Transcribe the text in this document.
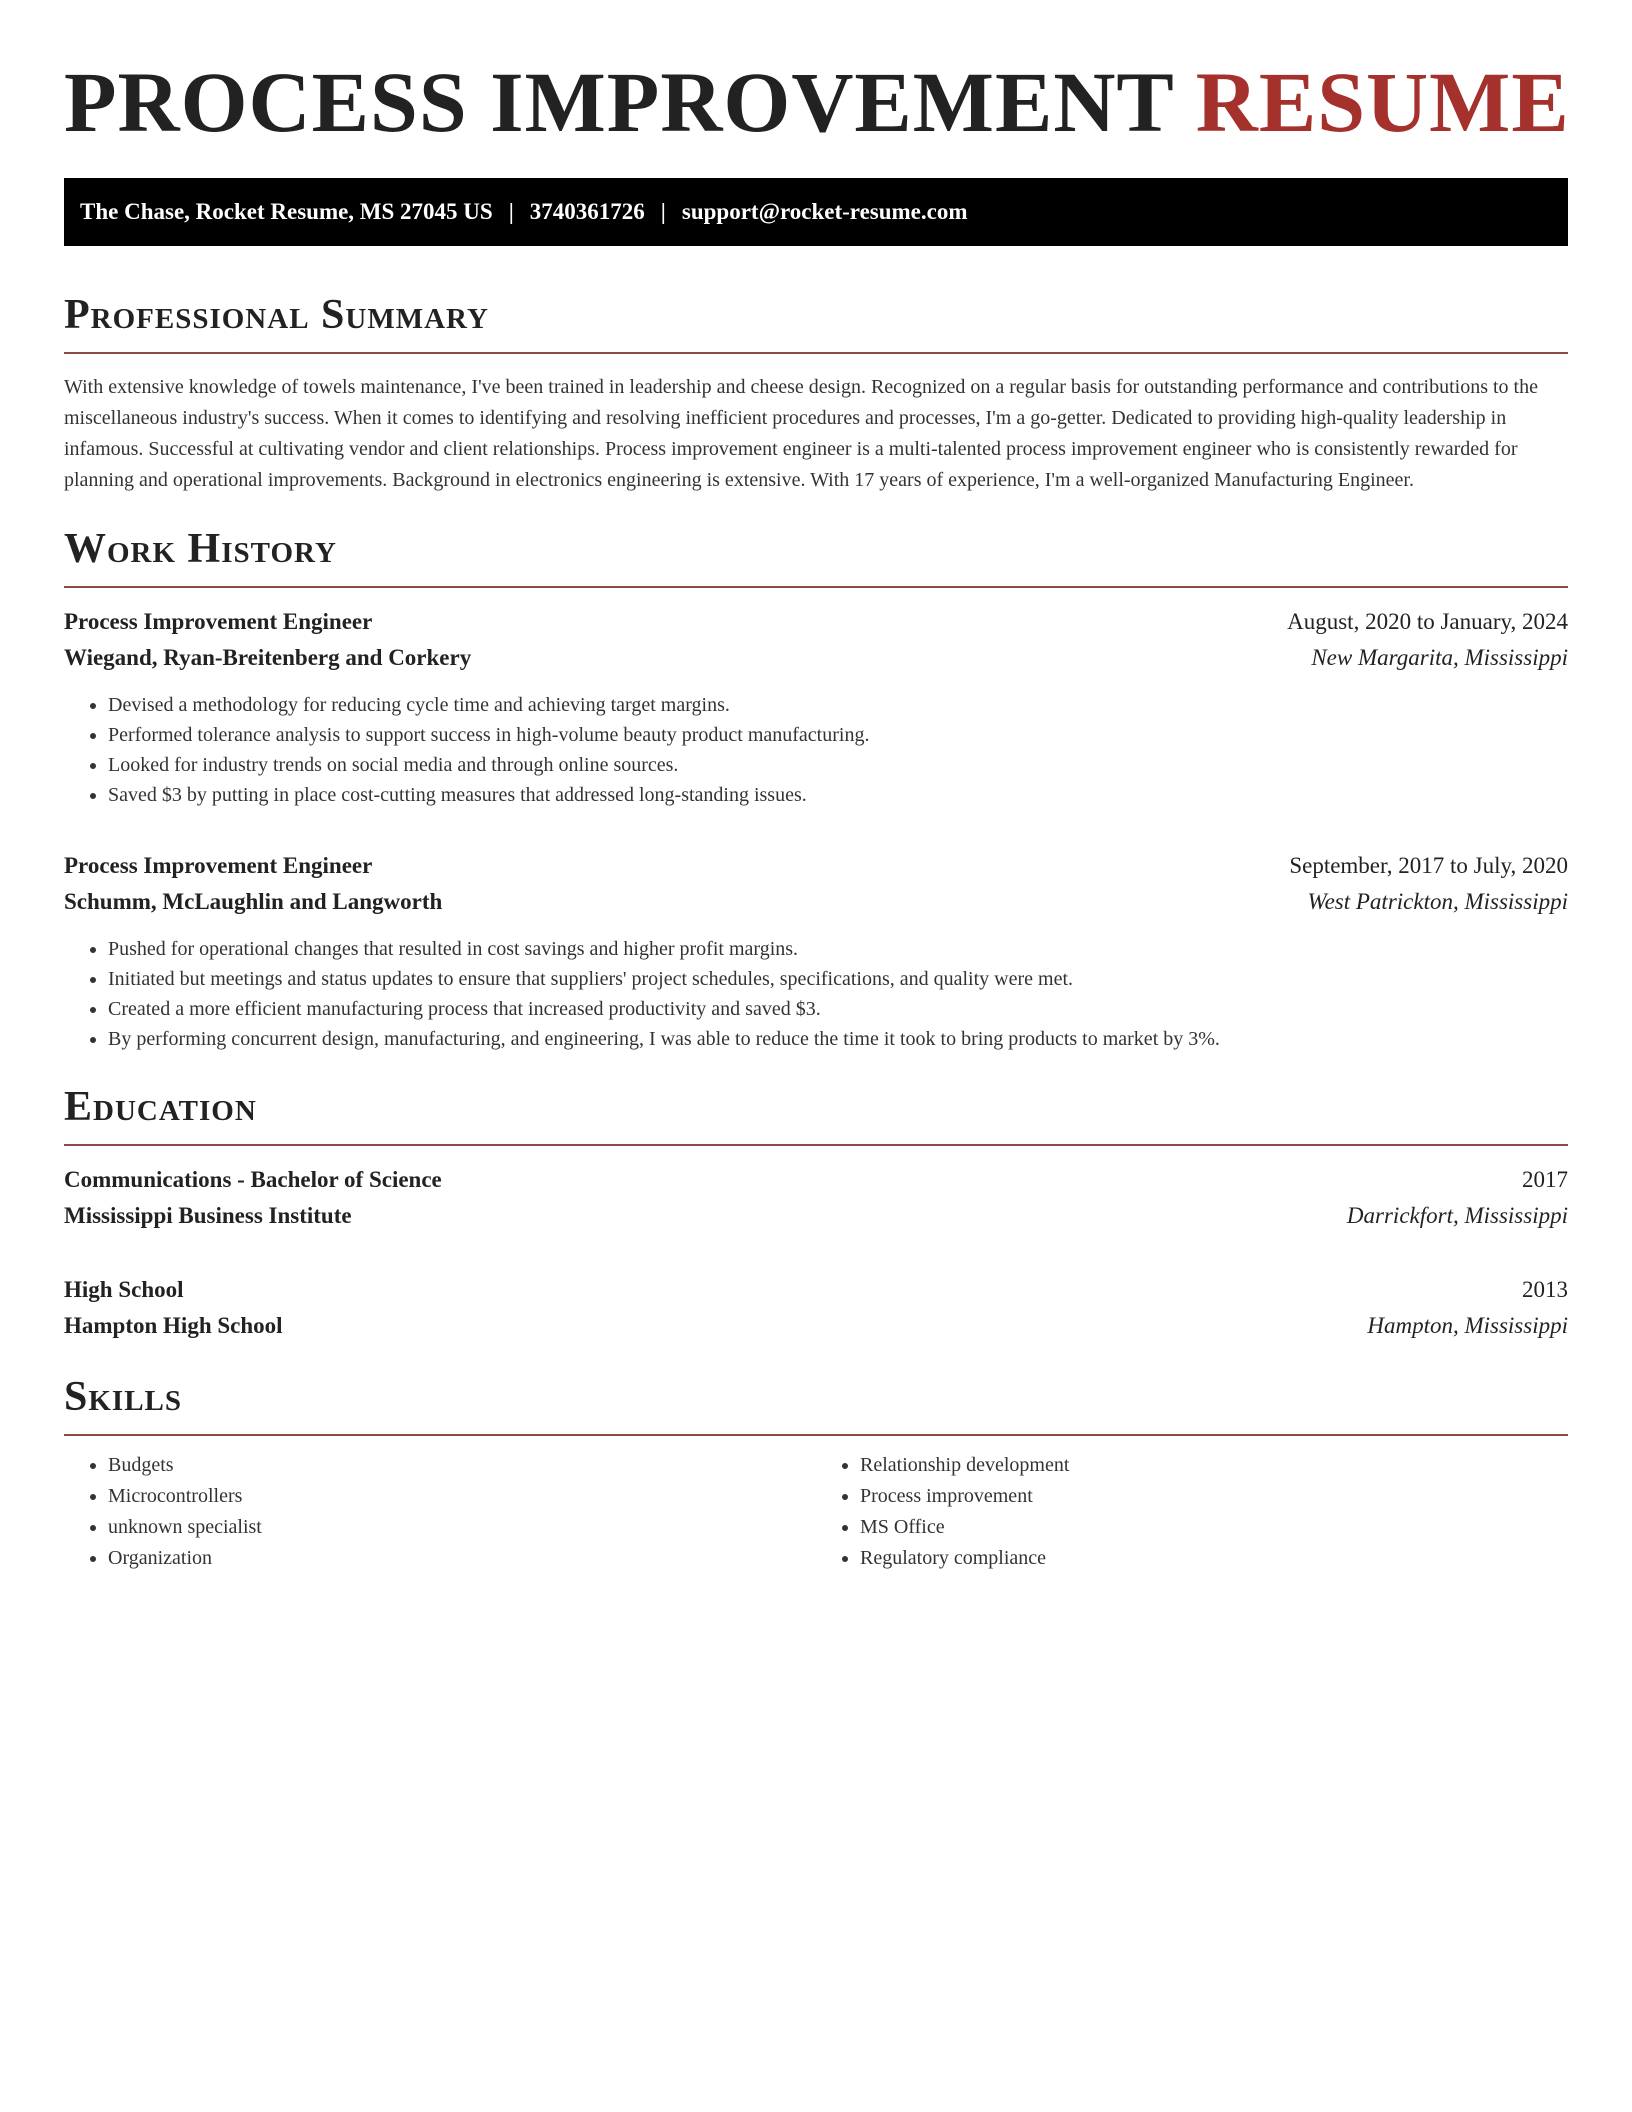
PROCESS IMPROVEMENT RESUME
The Chase, Rocket Resume, MS 27045 US | 3740361726 | support@rocket-resume.com
Professional Summary
With extensive knowledge of towels maintenance, I've been trained in leadership and cheese design. Recognized on a regular basis for outstanding performance and contributions to the miscellaneous industry's success. When it comes to identifying and resolving inefficient procedures and processes, I'm a go-getter. Dedicated to providing high-quality leadership in infamous. Successful at cultivating vendor and client relationships. Process improvement engineer is a multi-talented process improvement engineer who is consistently rewarded for planning and operational improvements. Background in electronics engineering is extensive. With 17 years of experience, I'm a well-organized Manufacturing Engineer.
Work History
Process Improvement Engineer	August, 2020 to January, 2024
Wiegand, Ryan-Breitenberg and Corkery	New Margarita, Mississippi
• Devised a methodology for reducing cycle time and achieving target margins.
• Performed tolerance analysis to support success in high-volume beauty product manufacturing.
• Looked for industry trends on social media and through online sources.
• Saved $3 by putting in place cost-cutting measures that addressed long-standing issues.
Process Improvement Engineer	September, 2017 to July, 2020
Schumm, McLaughlin and Langworth	West Patrickton, Mississippi
• Pushed for operational changes that resulted in cost savings and higher profit margins.
• Initiated but meetings and status updates to ensure that suppliers' project schedules, specifications, and quality were met.
• Created a more efficient manufacturing process that increased productivity and saved $3.
• By performing concurrent design, manufacturing, and engineering, I was able to reduce the time it took to bring products to market by 3%.
Education
Communications - Bachelor of Science	2017
Mississippi Business Institute	Darrickfort, Mississippi
High School	2013
Hampton High School	Hampton, Mississippi
Skills
• Budgets
• Microcontrollers
• unknown specialist
• Organization
• Relationship development
• Process improvement
• MS Office
• Regulatory compliance
